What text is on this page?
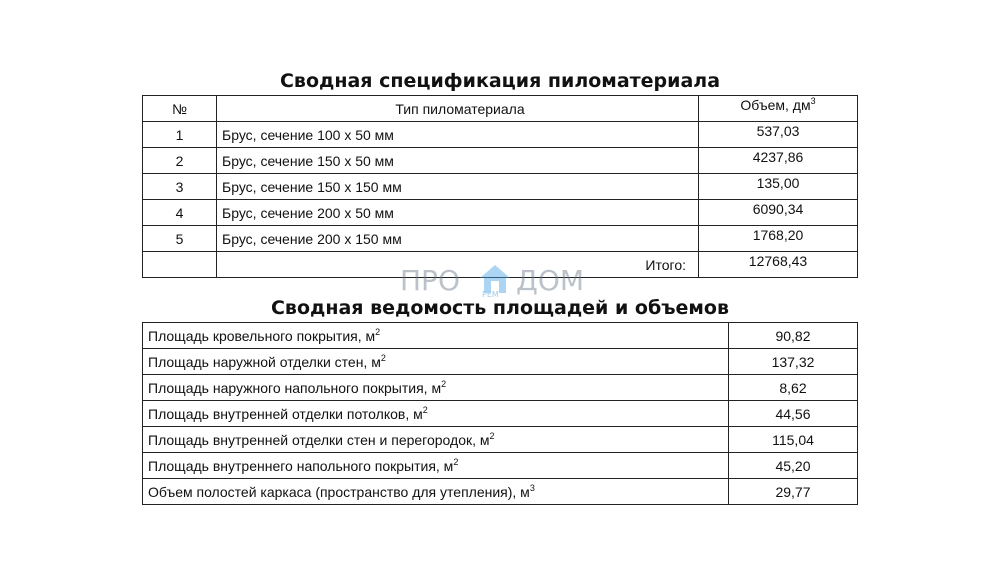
Сводная спецификация пиломатериала
№	Тип пиломатериала	Объем, $дм^3$
1	Брус, сечение 100 х 50 мм	537,03
2	Брус, сечение 150 х 50 мм	4237,86
3	Брус, сечение 150 х 150 мм	135,00
4	Брус, сечение 200 х 50 мм	6090,34
5	Брус, сечение 200 х 150 мм	1768,20
	Итого:	12768,43
ПРО	РЕМ ДОМ
Сводная ведомость площадей и объемов
Площадь кровельного покрытия, $м^2$	90,82
Площадь наружной отделки стен, $м^2$	137,32
Площадь наружного напольного покрытия, $м^2$	8,62
Площадь внутренней отделки потолков, $м^2$	44,56
Площадь внутренней отделки стен и перегородок, $м^2$	115,04
Площадь внутреннего напольного покрытия, $м^2$	45,20
Объем полостей каркаса (пространство для утепления), $м^3$	29,77
